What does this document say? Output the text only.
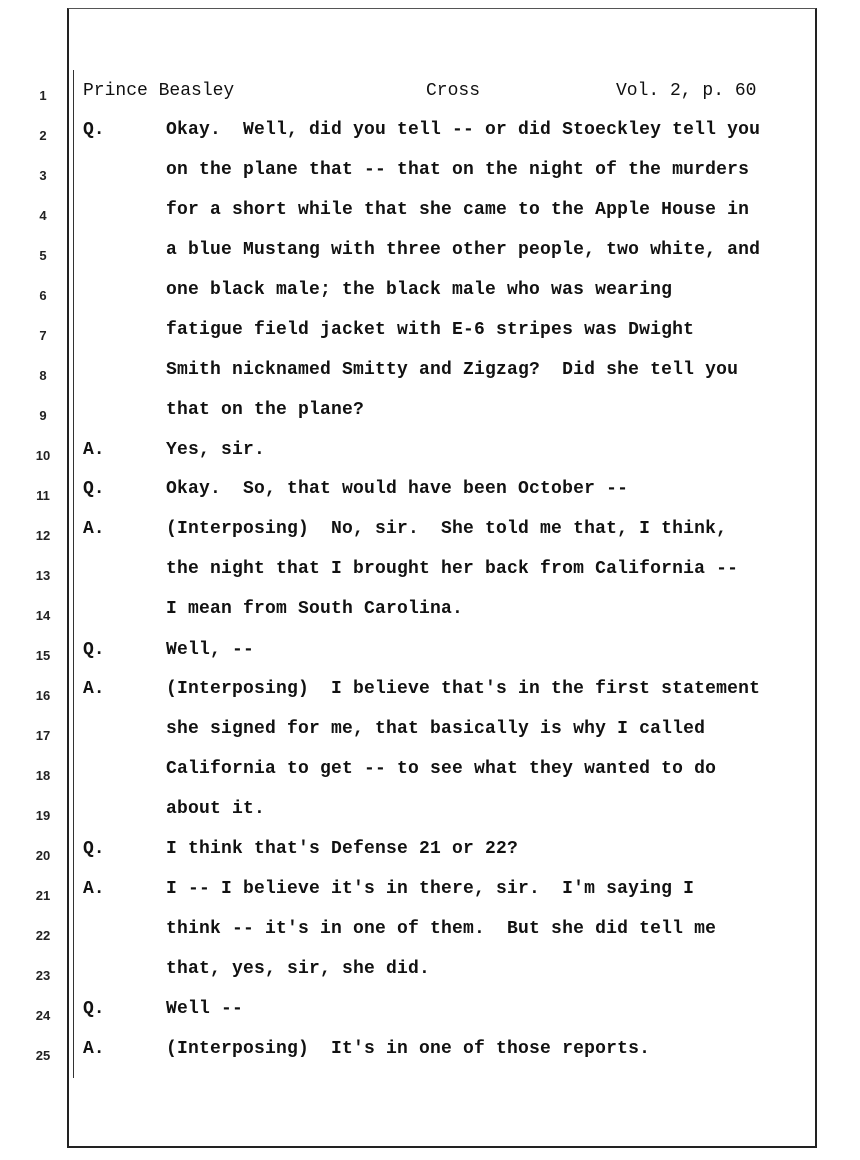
Prince Beasley	Cross	Vol. 2, p. 60
1
2	Q.	Okay.  Well, did you tell -- or did Stoeckley tell you
3	on the plane that -- that on the night of the murders
4	for a short while that she came to the Apple House in
5	a blue Mustang with three other people, two white, and
6	one black male; the black male who was wearing
7	fatigue field jacket with E-6 stripes was Dwight
8	Smith nicknamed Smitty and Zigzag?  Did she tell you
9	that on the plane?
10	A.	Yes, sir.
11	Q.	Okay.  So, that would have been October --
12	A.	(Interposing)  No, sir.  She told me that, I think,
13	the night that I brought her back from California --
14	I mean from South Carolina.
15	Q.	Well, --
16	A.	(Interposing)  I believe that's in the first statement
17	she signed for me, that basically is why I called
18	California to get -- to see what they wanted to do
19	about it.
20	Q.	I think that's Defense 21 or 22?
21	A.	I -- I believe it's in there, sir.  I'm saying I
22	think -- it's in one of them.  But she did tell me
23	that, yes, sir, she did.
24	Q.	Well --
25	A.	(Interposing)  It's in one of those reports.
